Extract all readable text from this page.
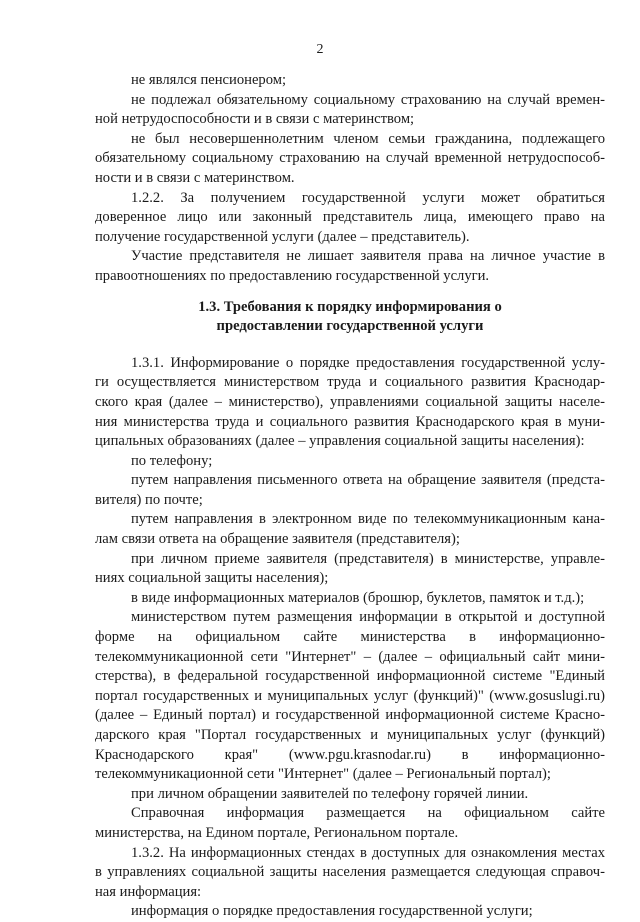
2
не являлся пенсионером;
не подлежал обязательному социальному страхованию на случай времен-
ной нетрудоспособности и в связи с материнством;
не был несовершеннолетним членом семьи гражданина, подлежащего
обязательному социальному страхованию на случай временной нетрудоспособ-
ности и в связи с материнством.
1.2.2. За получением государственной услуги может обратиться
доверенное лицо или законный представитель лица, имеющего право на
получение государственной услуги (далее – представитель).
Участие представителя не лишает заявителя права на личное участие в
правоотношениях по предоставлению государственной услуги.
1.3. Требования к порядку информирования о
предоставлении государственной услуги
1.3.1. Информирование о порядке предоставления государственной услу-
ги осуществляется министерством труда и социального развития Краснодар-
ского края (далее – министерство), управлениями социальной защиты населе-
ния министерства труда и социального развития Краснодарского края в муни-
ципальных образованиях (далее – управления социальной защиты населения):
по телефону;
путем направления письменного ответа на обращение заявителя (предста-
вителя) по почте;
путем направления в электронном виде по телекоммуникационным кана-
лам связи ответа на обращение заявителя (представителя);
при личном приеме заявителя (представителя) в министерстве, управле-
ниях социальной защиты населения);
в виде информационных материалов (брошюр, буклетов, памяток и т.д.);
министерством путем размещения информации в открытой и доступной
форме на официальном сайте министерства в информационно-
телекоммуникационной сети "Интернет" – (далее – официальный сайт мини-
стерства), в федеральной государственной информационной системе "Единый
портал государственных и муниципальных услуг (функций)" (www.gosuslugi.ru)
(далее – Единый портал) и государственной информационной системе Красно-
дарского края "Портал государственных и муниципальных услуг (функций)
Краснодарского края" (www.pgu.krasnodar.ru) в информационно-
телекоммуникационной сети "Интернет" (далее – Региональный портал);
при личном обращении заявителей по телефону горячей линии.
Справочная информация размещается на официальном сайте
министерства, на Едином портале, Региональном портале.
1.3.2. На информационных стендах в доступных для ознакомления местах
в управлениях социальной защиты населения размещается следующая справоч-
ная информация:
информация о порядке предоставления государственной услуги;
